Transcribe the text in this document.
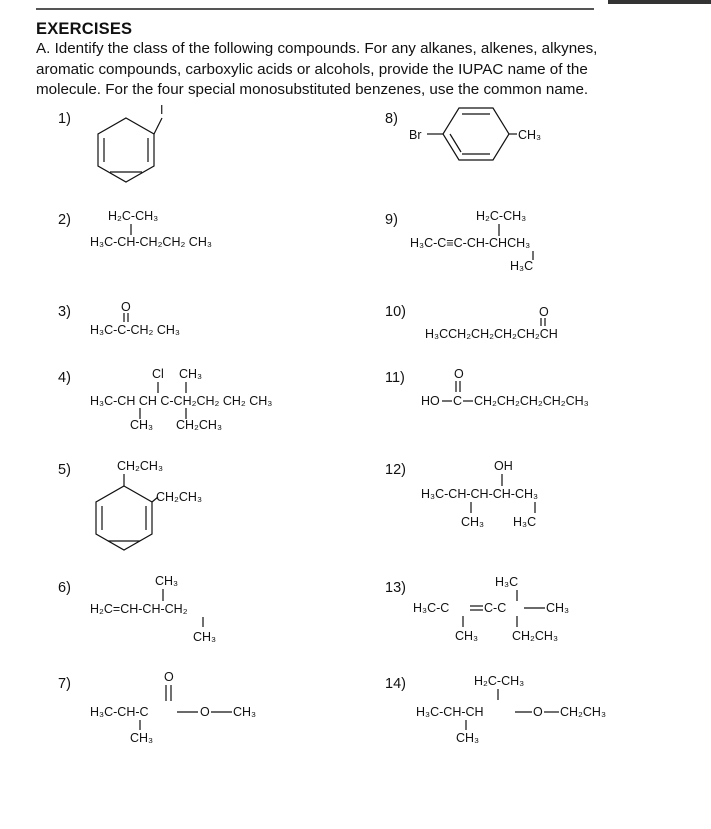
EXERCISES
A. Identify the class of the following compounds. For any alkanes, alkenes, alkynes,
aromatic compounds, carboxylic acids or alcohols, provide the IUPAC name of the
molecule. For the four special monosubstituted benzenes, use the common name.
1)
2)
3)
4)
5)
6)
7)
8)
9)
10)
11)
12)
13)
14)
I
H₂C-CH₃
H₃C-CH-CH₂CH₂ CH₃
O
H₃C-C-CH₂ CH₃
Cl CH₃
H₃C-CH CH C-CH₂CH₂ CH₂ CH₃
CH₃ CH₂CH₃
CH₂CH₃
CH₂CH₃
CH₃
H₂C=CH-CH-CH₂
CH₃
O
H₃C-CH-C	O CH₃
CH₃
Br	CH₃
H₂C-CH₃
H₃C-C≡C-CH-CHCH₃
H₃C
O
H₃CCH₂CH₂CH₂CH₂CH
O
HO C CH₂CH₂CH₂CH₂CH₃
OH
H₃C-CH-CH-CH-CH₃
CH₃ H₃C
H₃C
H₃C-C	C-C	CH₃
CH₃	CH₂CH₃
H₂C-CH₃
H₃C-CH-CH	O CH₂CH₃
CH₃
